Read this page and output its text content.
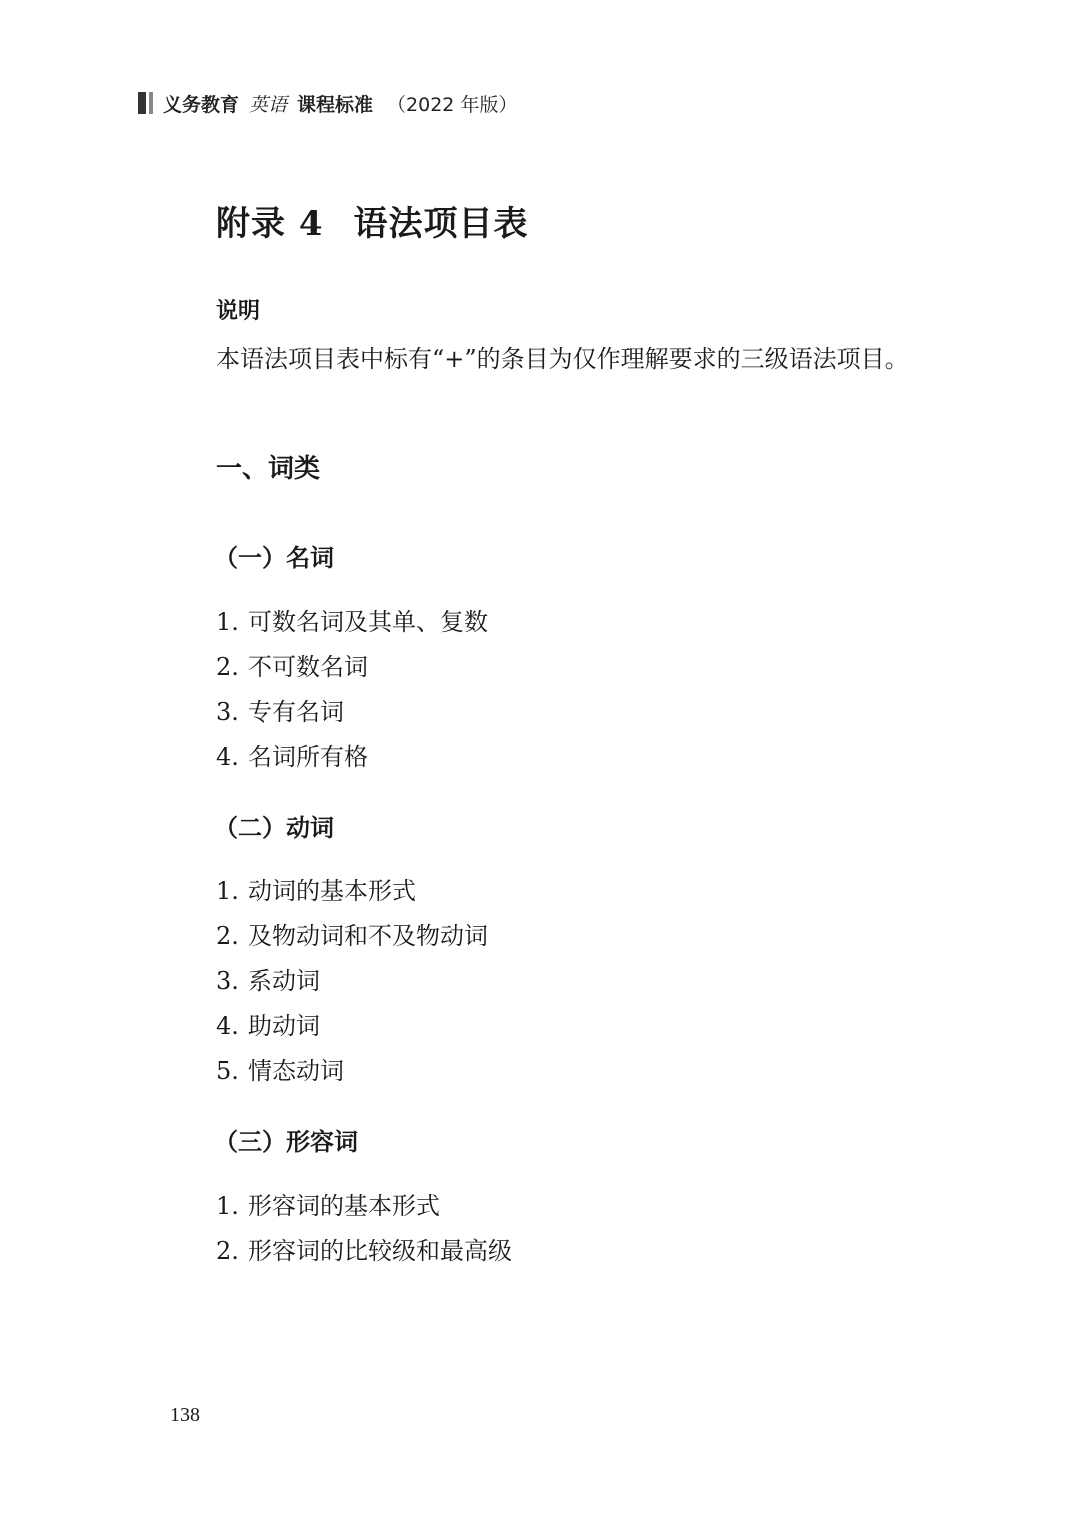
义务教育 英语 课程标准 （2022 年版）
附录 4 语法项目表
说明
本语法项目表中标有“+”的条目为仅作理解要求的三级语法项目。
一、词类
（一）名词
1. 可数名词及其单、复数
2. 不可数名词
3. 专有名词
4. 名词所有格
（二）动词
1. 动词的基本形式
2. 及物动词和不及物动词
3. 系动词
4. 助动词
5. 情态动词
（三）形容词
1. 形容词的基本形式
2. 形容词的比较级和最高级
138
